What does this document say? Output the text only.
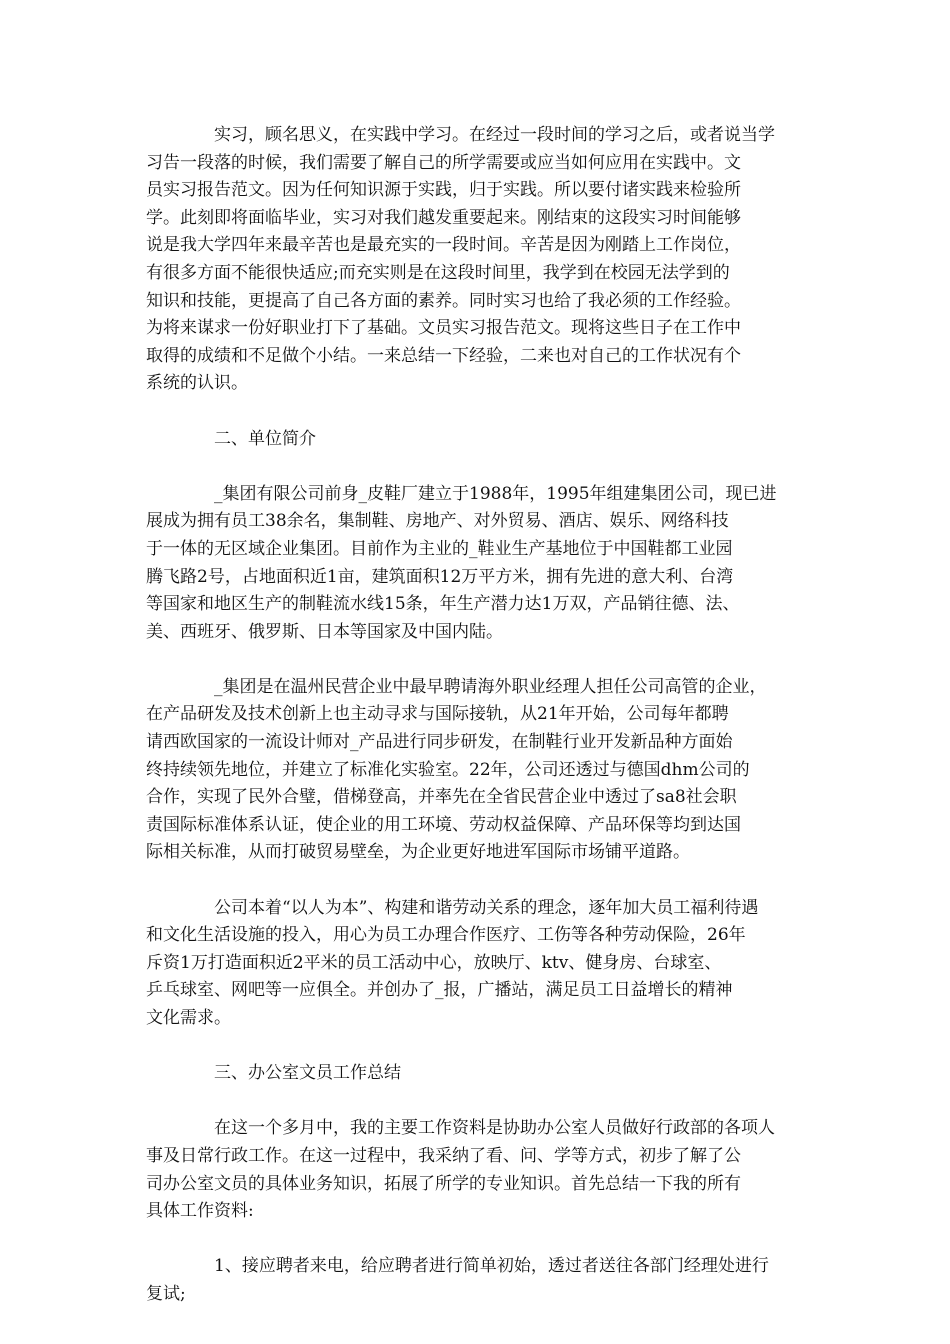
实习，顾名思义，在实践中学习。在经过一段时间的学习之后，或者说当学
习告一段落的时候，我们需要了解自己的所学需要或应当如何应用在实践中。文
员实习报告范文。因为任何知识源于实践，归于实践。所以要付诸实践来检验所
学。此刻即将面临毕业，实习对我们越发重要起来。刚结束的这段实习时间能够
说是我大学四年来最辛苦也是最充实的一段时间。辛苦是因为刚踏上工作岗位，
有很多方面不能很快适应;而充实则是在这段时间里，我学到在校园无法学到的
知识和技能，更提高了自己各方面的素养。同时实习也给了我必须的工作经验。
为将来谋求一份好职业打下了基础。文员实习报告范文。现将这些日子在工作中
取得的成绩和不足做个小结。一来总结一下经验，二来也对自己的工作状况有个
系统的认识。

二、单位简介

_集团有限公司前身_皮鞋厂建立于1988年，1995年组建集团公司，现已进
展成为拥有员工38余名，集制鞋、房地产、对外贸易、酒店、娱乐、网络科技
于一体的无区域企业集团。目前作为主业的_鞋业生产基地位于中国鞋都工业园
腾飞路2号，占地面积近1亩，建筑面积12万平方米，拥有先进的意大利、台湾
等国家和地区生产的制鞋流水线15条，年生产潜力达1万双，产品销往德、法、
美、西班牙、俄罗斯、日本等国家及中国内陆。

_集团是在温州民营企业中最早聘请海外职业经理人担任公司高管的企业，
在产品研发及技术创新上也主动寻求与国际接轨，从21年开始，公司每年都聘
请西欧国家的一流设计师对_产品进行同步研发，在制鞋行业开发新品种方面始
终持续领先地位，并建立了标准化实验室。22年，公司还透过与德国dhm公司的
合作，实现了民外合璧，借梯登高，并率先在全省民营企业中透过了sa8社会职
责国际标准体系认证，使企业的用工环境、劳动权益保障、产品环保等均到达国
际相关标准，从而打破贸易壁垒，为企业更好地进军国际市场铺平道路。

公司本着“以人为本”、构建和谐劳动关系的理念，逐年加大员工福利待遇
和文化生活设施的投入，用心为员工办理合作医疗、工伤等各种劳动保险，26年
斥资1万打造面积近2平米的员工活动中心，放映厅、ktv、健身房、台球室、
乒乓球室、网吧等一应俱全。并创办了_报，广播站，满足员工日益增长的精神
文化需求。

三、办公室文员工作总结

在这一个多月中，我的主要工作资料是协助办公室人员做好行政部的各项人
事及日常行政工作。在这一过程中，我采纳了看、问、学等方式，初步了解了公
司办公室文员的具体业务知识，拓展了所学的专业知识。首先总结一下我的所有
具体工作资料:

1、接应聘者来电，给应聘者进行简单初始，透过者送往各部门经理处进行
复试;
